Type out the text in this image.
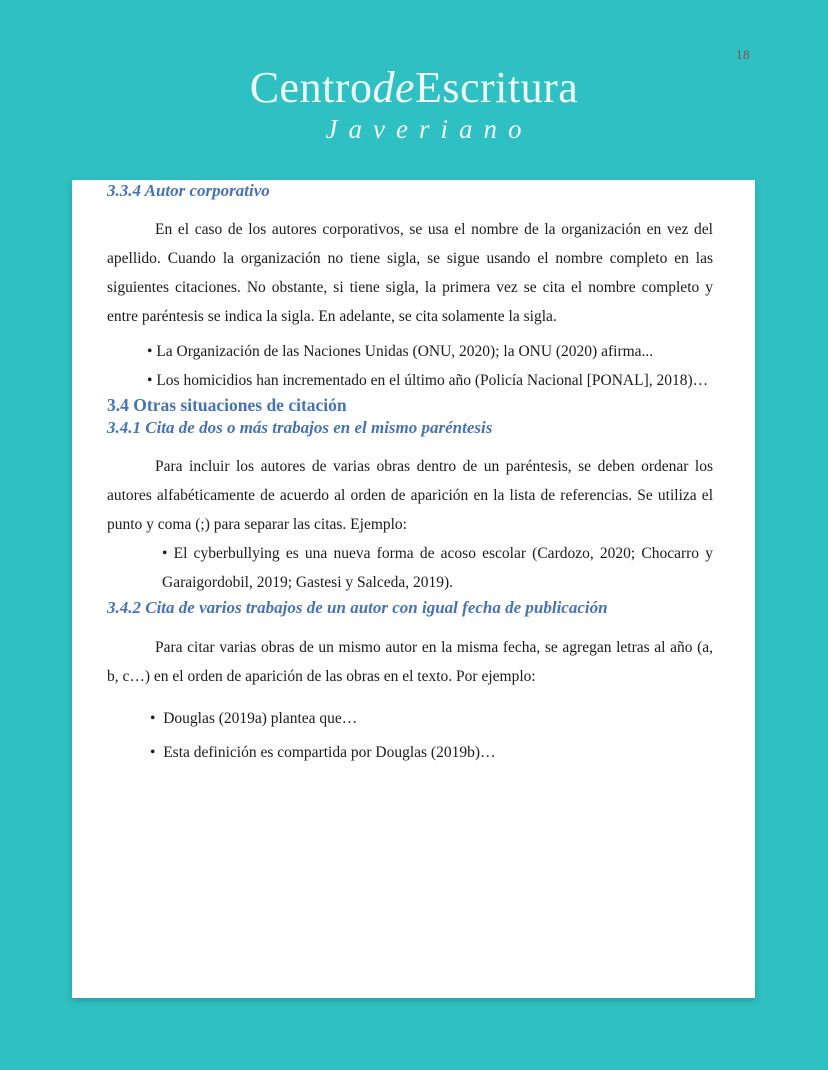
18
CentrodeEscritura
Javeriano
3.3.4 Autor corporativo

En el caso de los autores corporativos, se usa el nombre de la organización en vez del apellido. Cuando la organización no tiene sigla, se sigue usando el nombre completo en las siguientes citaciones. No obstante, si tiene sigla, la primera vez se cita el nombre completo y entre paréntesis se indica la sigla. En adelante, se cita solamente la sigla.

• La Organización de las Naciones Unidas (ONU, 2020); la ONU (2020) afirma...
• Los homicidios han incrementado en el último año (Policía Nacional [PONAL], 2018)…
3.4 Otras situaciones de citación
3.4.1 Cita de dos o más trabajos en el mismo paréntesis

Para incluir los autores de varias obras dentro de un paréntesis, se deben ordenar los autores alfabéticamente de acuerdo al orden de aparición en la lista de referencias. Se utiliza el punto y coma (;) para separar las citas. Ejemplo:

• El cyberbullying es una nueva forma de acoso escolar (Cardozo, 2020; Chocarro y Garaigordobil, 2019; Gastesi y Salceda, 2019).
3.4.2 Cita de varios trabajos de un autor con igual fecha de publicación

Para citar varias obras de un mismo autor en la misma fecha, se agregan letras al año (a, b, c…) en el orden de aparición de las obras en el texto. Por ejemplo:

•  Douglas (2019a) plantea que…
•  Esta definición es compartida por Douglas (2019b)…
